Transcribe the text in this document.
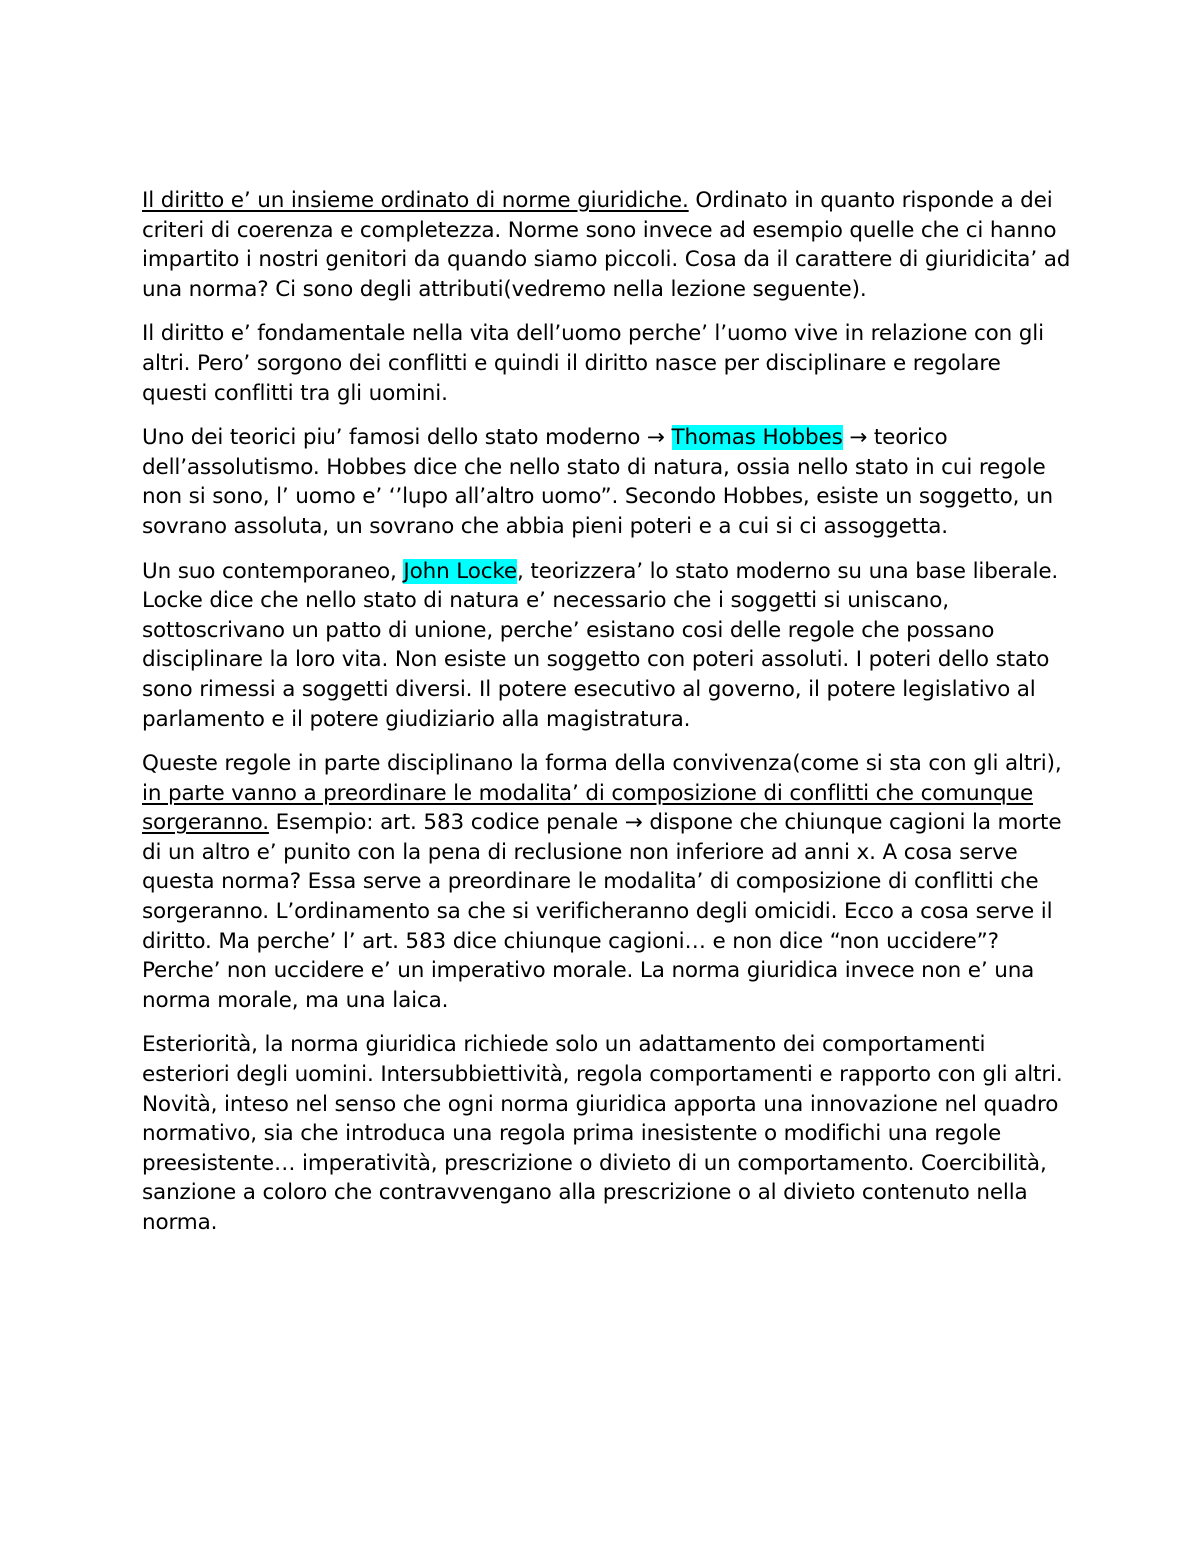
Il diritto e’ un insieme ordinato di norme giuridiche. Ordinato in quanto risponde a dei criteri di coerenza e completezza. Norme sono invece ad esempio quelle che ci hanno impartito i nostri genitori da quando siamo piccoli. Cosa da il carattere di giuridicita’ ad una norma? Ci sono degli attributi(vedremo nella lezione seguente).

Il diritto e’ fondamentale nella vita dell’uomo perche’ l’uomo vive in relazione con gli altri. Pero’ sorgono dei conflitti e quindi il diritto nasce per disciplinare e regolare questi conflitti tra gli uomini.

Uno dei teorici piu’ famosi dello stato moderno → Thomas Hobbes → teorico dell’assolutismo. Hobbes dice che nello stato di natura, ossia nello stato in cui regole non si sono, l’ uomo e’ ‘’lupo all’altro uomo”. Secondo Hobbes, esiste un soggetto, un sovrano assoluta, un sovrano che abbia pieni poteri e a cui si ci assoggetta.

Un suo contemporaneo, John Locke, teorizzera’ lo stato moderno su una base liberale. Locke dice che nello stato di natura e’ necessario che i soggetti si uniscano, sottoscrivano un patto di unione, perche’ esistano cosi delle regole che possano disciplinare la loro vita. Non esiste un soggetto con poteri assoluti. I poteri dello stato sono rimessi a soggetti diversi. Il potere esecutivo al governo, il potere legislativo al parlamento e il potere giudiziario alla magistratura.

Queste regole in parte disciplinano la forma della convivenza(come si sta con gli altri), in parte vanno a preordinare le modalita’ di composizione di conflitti che comunque sorgeranno. Esempio: art. 583 codice penale → dispone che chiunque cagioni la morte di un altro e’ punito con la pena di reclusione non inferiore ad anni x. A cosa serve questa norma? Essa serve a preordinare le modalita’ di composizione di conflitti che sorgeranno. L’ordinamento sa che si verificheranno degli omicidi. Ecco a cosa serve il diritto. Ma perche’ l’ art. 583 dice chiunque cagioni… e non dice “non uccidere”? Perche’ non uccidere e’ un imperativo morale. La norma giuridica invece non e’ una norma morale, ma una laica.

Esteriorità, la norma giuridica richiede solo un adattamento dei comportamenti esteriori degli uomini. Intersubbiettività, regola comportamenti e rapporto con gli altri. Novità, inteso nel senso che ogni norma giuridica apporta una innovazione nel quadro normativo, sia che introduca una regola prima inesistente o modifichi una regole preesistente… imperatività, prescrizione o divieto di un comportamento. Coercibilità, sanzione a coloro che contravvengano alla prescrizione o al divieto contenuto nella norma.
